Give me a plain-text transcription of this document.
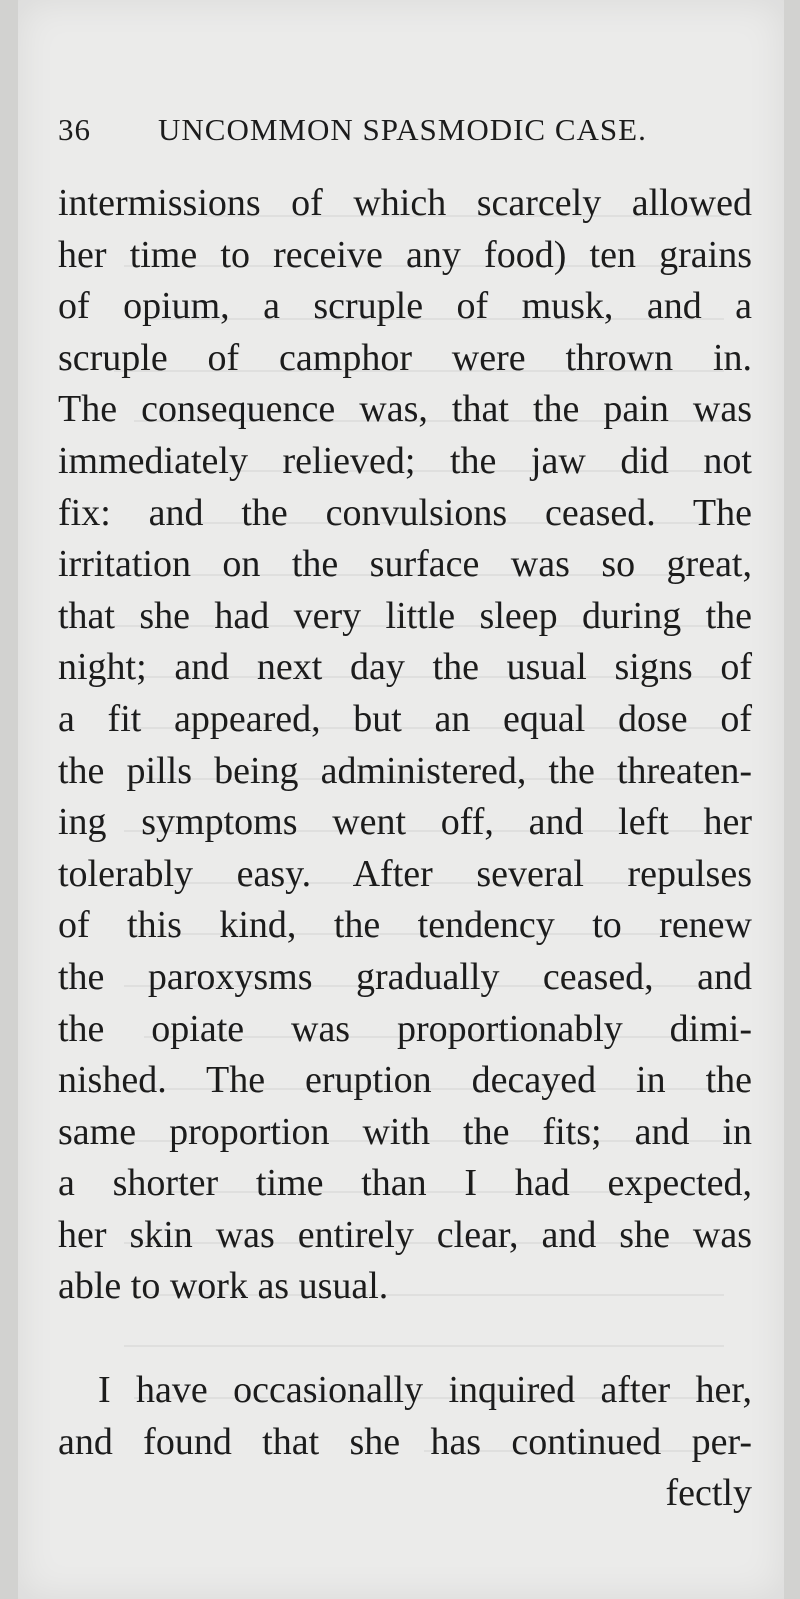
36 UNCOMMON SPASMODIC CASE.
intermissions of which scarcely allowed
her time to receive any food) ten grains
of opium, a scruple of musk, and a
scruple of camphor were thrown in.
The consequence was, that the pain was
immediately relieved; the jaw did not
fix: and the convulsions ceased. The
irritation on the surface was so great,
that she had very little sleep during the
night; and next day the usual signs of
a fit appeared, but an equal dose of
the pills being administered, the threaten-
ing symptoms went off, and left her
tolerably easy. After several repulses
of this kind, the tendency to renew
the paroxysms gradually ceased, and
the opiate was proportionably dimi-
nished. The eruption decayed in the
same proportion with the fits; and in
a shorter time than I had expected,
her skin was entirely clear, and she was
able to work as usual.
I have occasionally inquired after her,
and found that she has continued per-
fectly
